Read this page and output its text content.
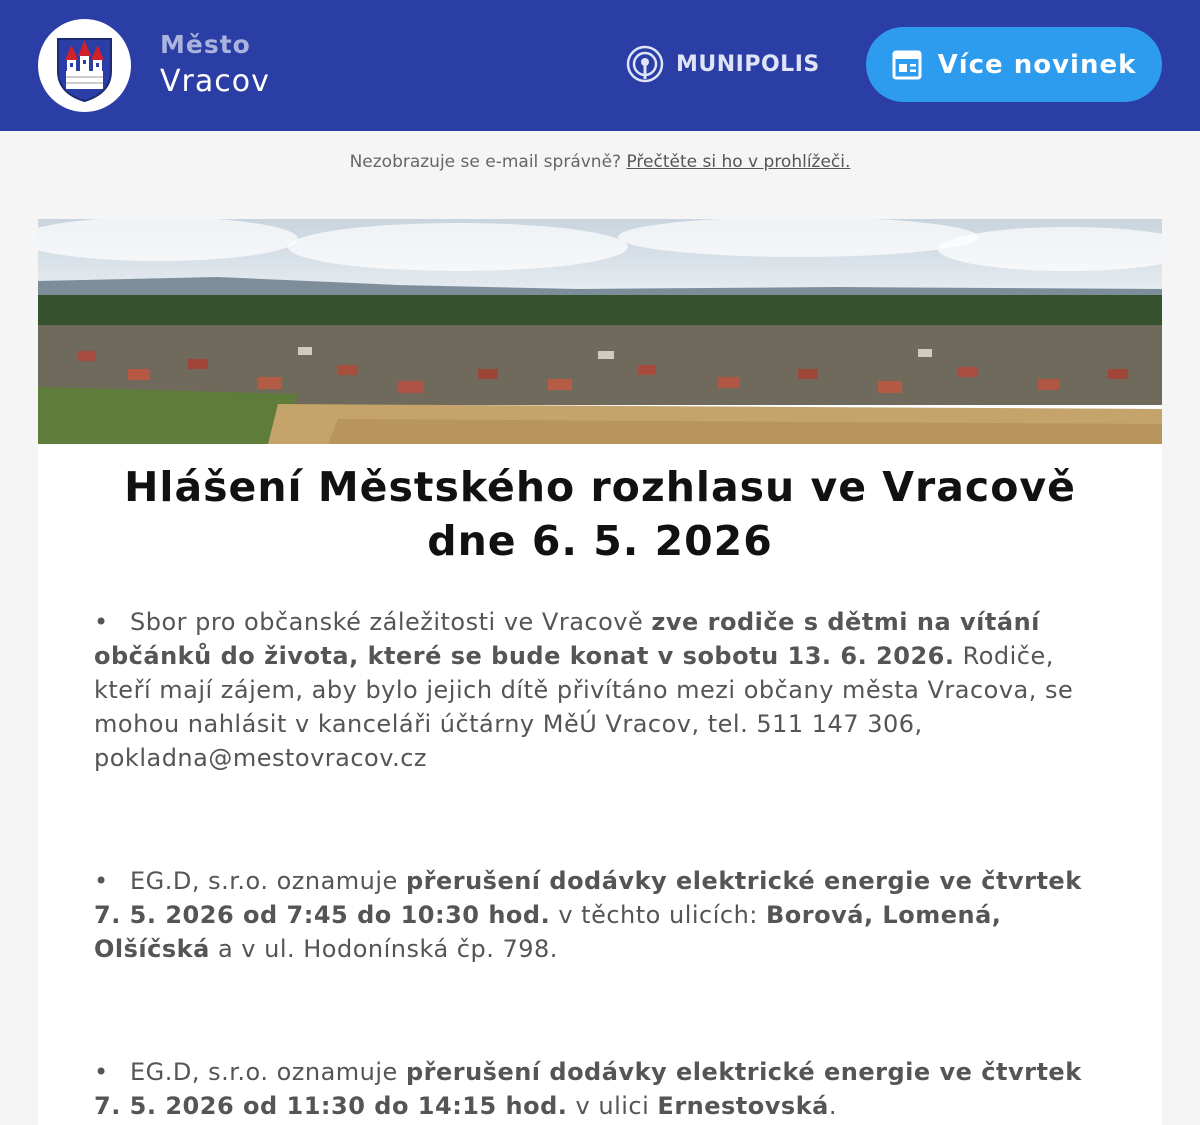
Město
Vracov	MUNIPOLIS	Více novinek
Nezobrazuje se e-mail správně? Přečtěte si ho v prohlížeči.
Hlášení Městského rozhlasu ve Vracově
dne 6. 5. 2026
• Sbor pro občanské záležitosti ve Vracově zve rodiče s dětmi na vítání občánků do života, které se bude konat v sobotu 13. 6. 2026. Rodiče, kteří mají zájem, aby bylo jejich dítě přivítáno mezi občany města Vracova, se mohou nahlásit v kanceláři účtárny MěÚ Vracov, tel. 511 147 306, pokladna@mestovracov.cz
• EG.D, s.r.o. oznamuje přerušení dodávky elektrické energie ve čtvrtek 7. 5. 2026 od 7:45 do 10:30 hod. v těchto ulicích: Borová, Lomená, Olšíčská a v ul. Hodonínská čp. 798.
• EG.D, s.r.o. oznamuje přerušení dodávky elektrické energie ve čtvrtek 7. 5. 2026 od 11:30 do 14:15 hod. v ulici Ernestovská.
